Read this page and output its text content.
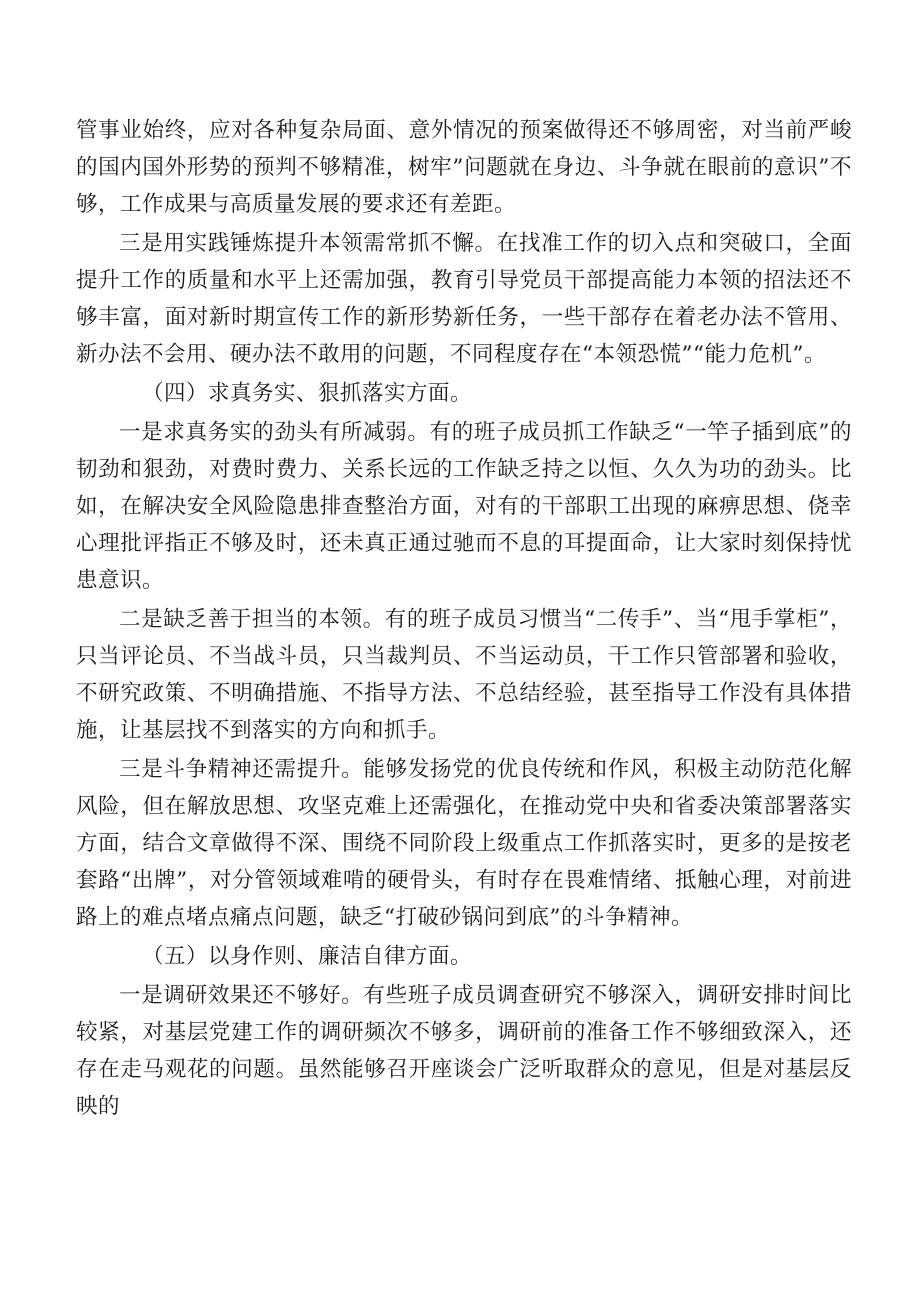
管事业始终，应对各种复杂局面、意外情况的预案做得还不够周密，对当前严峻的国内国外形势的预判不够精准，树牢”问题就在身边、斗争就在眼前的意识”不够，工作成果与高质量发展的要求还有差距。

三是用实践锤炼提升本领需常抓不懈。在找准工作的切入点和突破口，全面提升工作的质量和水平上还需加强，教育引导党员干部提高能力本领的招法还不够丰富，面对新时期宣传工作的新形势新任务，一些干部存在着老办法不管用、新办法不会用、硬办法不敢用的问题，不同程度存在“本领恐慌”“能力危机”。

（四）求真务实、狠抓落实方面。

一是求真务实的劲头有所减弱。有的班子成员抓工作缺乏“一竿子插到底”的韧劲和狠劲，对费时费力、关系长远的工作缺乏持之以恒、久久为功的劲头。比如，在解决安全风险隐患排查整治方面，对有的干部职工出现的麻痹思想、侥幸心理批评指正不够及时，还未真正通过驰而不息的耳提面命，让大家时刻保持忧患意识。

二是缺乏善于担当的本领。有的班子成员习惯当“二传手”、当“甩手掌柜”，只当评论员、不当战斗员，只当裁判员、不当运动员，干工作只管部署和验收，不研究政策、不明确措施、不指导方法、不总结经验，甚至指导工作没有具体措施，让基层找不到落实的方向和抓手。

三是斗争精神还需提升。能够发扬党的优良传统和作风，积极主动防范化解风险，但在解放思想、攻坚克难上还需强化，在推动党中央和省委决策部署落实方面，结合文章做得不深、围绕不同阶段上级重点工作抓落实时，更多的是按老套路“出牌”，对分管领域难啃的硬骨头，有时存在畏难情绪、抵触心理，对前进路上的难点堵点痛点问题，缺乏“打破砂锅问到底”的斗争精神。

（五）以身作则、廉洁自律方面。

一是调研效果还不够好。有些班子成员调查研究不够深入，调研安排时间比较紧，对基层党建工作的调研频次不够多，调研前的准备工作不够细致深入，还存在走马观花的问题。虽然能够召开座谈会广泛听取群众的意见，但是对基层反映的
